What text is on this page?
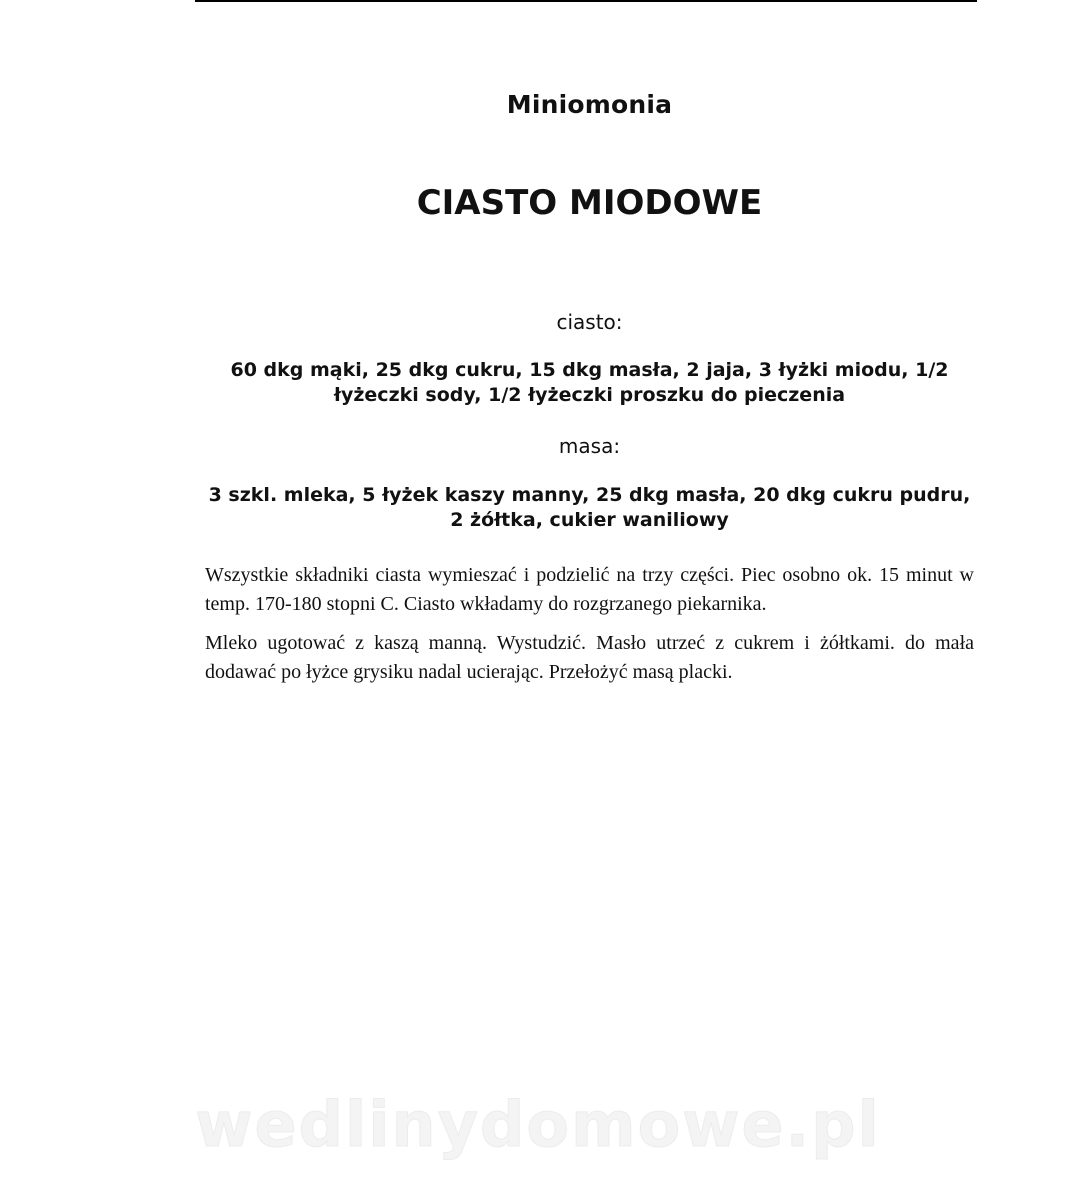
Miniomonia
CIASTO MIODOWE
ciasto:
60 dkg mąki, 25 dkg cukru, 15 dkg masła, 2 jaja, 3 łyżki miodu, 1/2 łyżeczki sody, 1/2 łyżeczki proszku do pieczenia
masa:
3 szkl. mleka, 5 łyżek kaszy manny, 25 dkg masła, 20 dkg cukru pudru, 2 żółtka, cukier waniliowy
Wszystkie składniki ciasta wymieszać i podzielić na trzy części. Piec osobno ok. 15 minut w temp. 170-180 stopni C. Ciasto wkładamy do rozgrzanego piekarnika.
Mleko ugotować z kaszą manną. Wystudzić. Masło utrzeć z cukrem i żółtkami. do mała dodawać po łyżce grysiku nadal ucierając. Przełożyć masą placki.
wedlinydomowe.pl
